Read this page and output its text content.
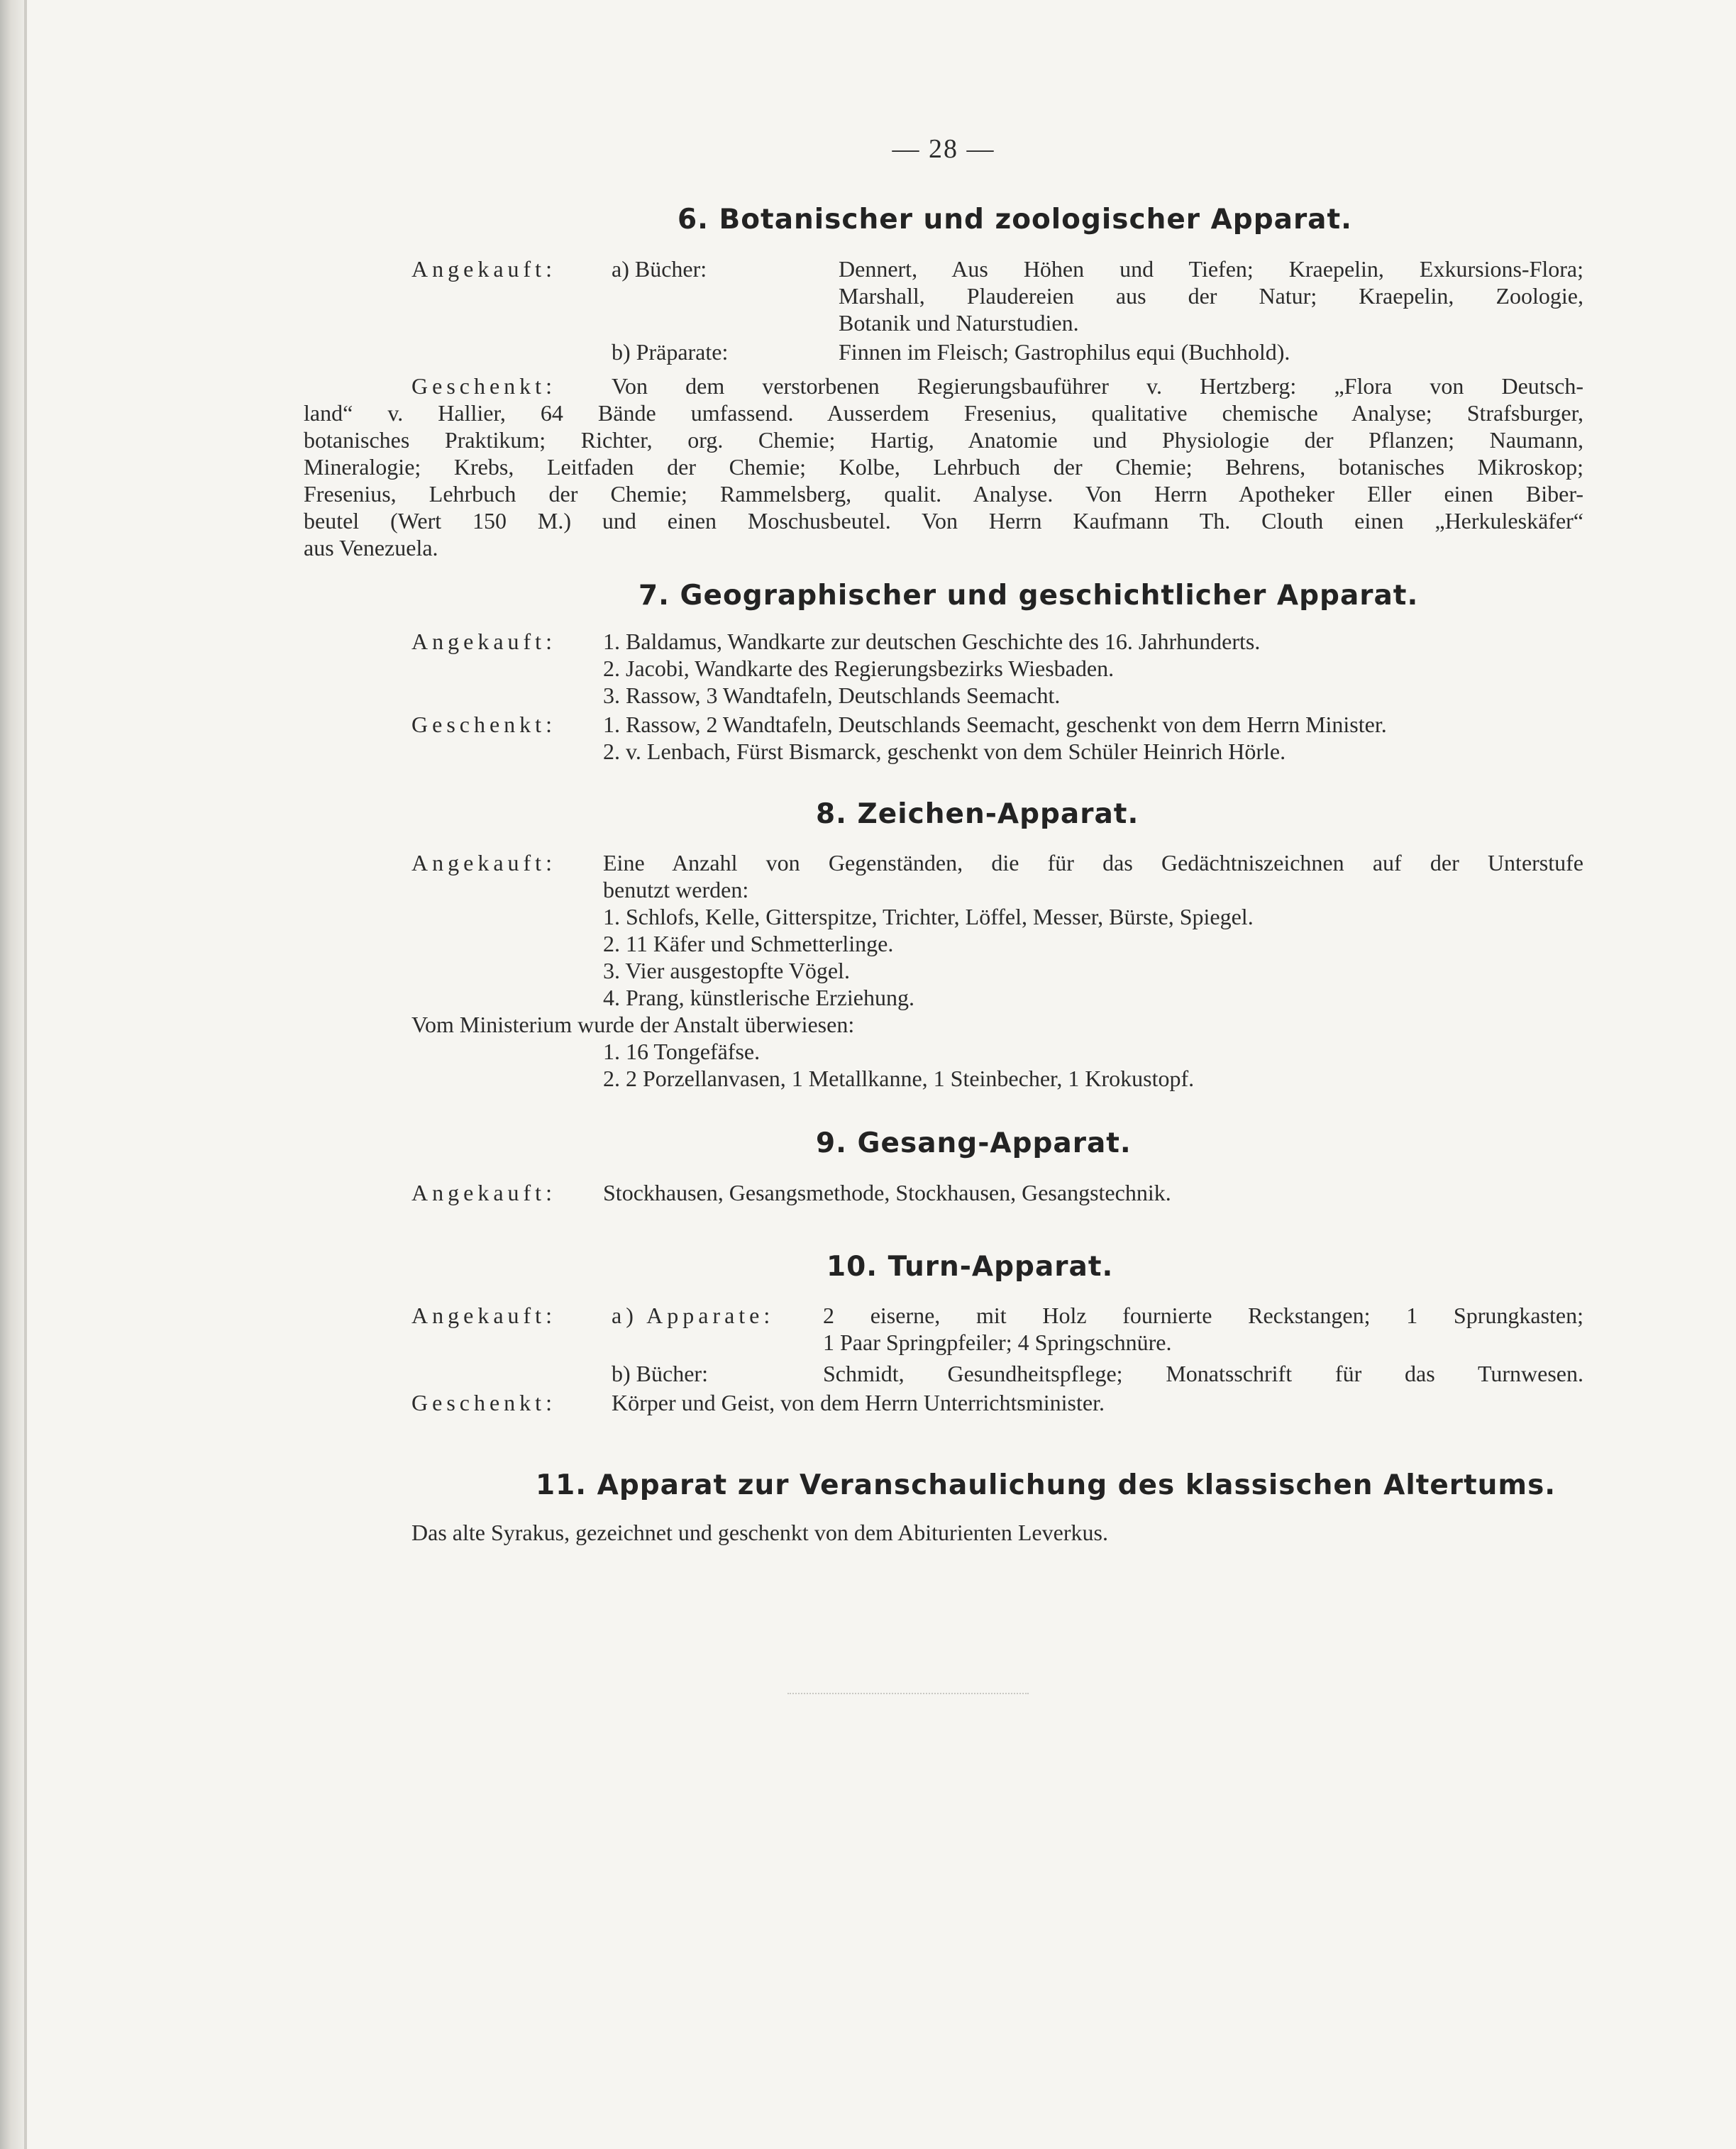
— 28 —
6. Botanischer und zoologischer Apparat.
Angekauft: a) Bücher:	Dennert, Aus Höhen und Tiefen; Kraepelin, Exkursions-Flora;
Marshall, Plaudereien aus der Natur; Kraepelin, Zoologie,
Botanik und Naturstudien.
b) Präparate:	Finnen im Fleisch; Gastrophilus equi (Buchhold).
Geschenkt: Von dem verstorbenen Regierungsbauführer v. Hertzberg: „Flora von Deutsch-
land“ v. Hallier, 64 Bände umfassend. Ausserdem Fresenius, qualitative chemische Analyse; Strafsburger,
botanisches Praktikum; Richter, org. Chemie; Hartig, Anatomie und Physiologie der Pflanzen; Naumann,
Mineralogie; Krebs, Leitfaden der Chemie; Kolbe, Lehrbuch der Chemie; Behrens, botanisches Mikroskop;
Fresenius, Lehrbuch der Chemie; Rammelsberg, qualit. Analyse. Von Herrn Apotheker Eller einen Biber-
beutel (Wert 150 M.) und einen Moschusbeutel. Von Herrn Kaufmann Th. Clouth einen „Herkuleskäfer“
aus Venezuela.
7. Geographischer und geschichtlicher Apparat.
Angekauft: 1. Baldamus, Wandkarte zur deutschen Geschichte des 16. Jahrhunderts.
2. Jacobi, Wandkarte des Regierungsbezirks Wiesbaden.
3. Rassow, 3 Wandtafeln, Deutschlands Seemacht.
Geschenkt: 1. Rassow, 2 Wandtafeln, Deutschlands Seemacht, geschenkt von dem Herrn Minister.
2. v. Lenbach, Fürst Bismarck, geschenkt von dem Schüler Heinrich Hörle.
8. Zeichen-Apparat.
Angekauft: Eine Anzahl von Gegenständen, die für das Gedächtniszeichnen auf der Unterstufe
benutzt werden:
1. Schlofs, Kelle, Gitterspitze, Trichter, Löffel, Messer, Bürste, Spiegel.
2. 11 Käfer und Schmetterlinge.
3. Vier ausgestopfte Vögel.
4. Prang, künstlerische Erziehung.
Vom Ministerium wurde der Anstalt überwiesen:
1. 16 Tongefäfse.
2. 2 Porzellanvasen, 1 Metallkanne, 1 Steinbecher, 1 Krokustopf.
9. Gesang-Apparat.
Angekauft: Stockhausen, Gesangsmethode, Stockhausen, Gesangstechnik.
10. Turn-Apparat.
Angekauft: a) Apparate: 2 eiserne, mit Holz fournierte Reckstangen; 1 Sprungkasten;
1 Paar Springpfeiler; 4 Springschnüre.
b) Bücher:	Schmidt, Gesundheitspflege; Monatsschrift für das Turnwesen.
Geschenkt: Körper und Geist, von dem Herrn Unterrichtsminister.
11. Apparat zur Veranschaulichung des klassischen Altertums.
Das alte Syrakus, gezeichnet und geschenkt von dem Abiturienten Leverkus.
